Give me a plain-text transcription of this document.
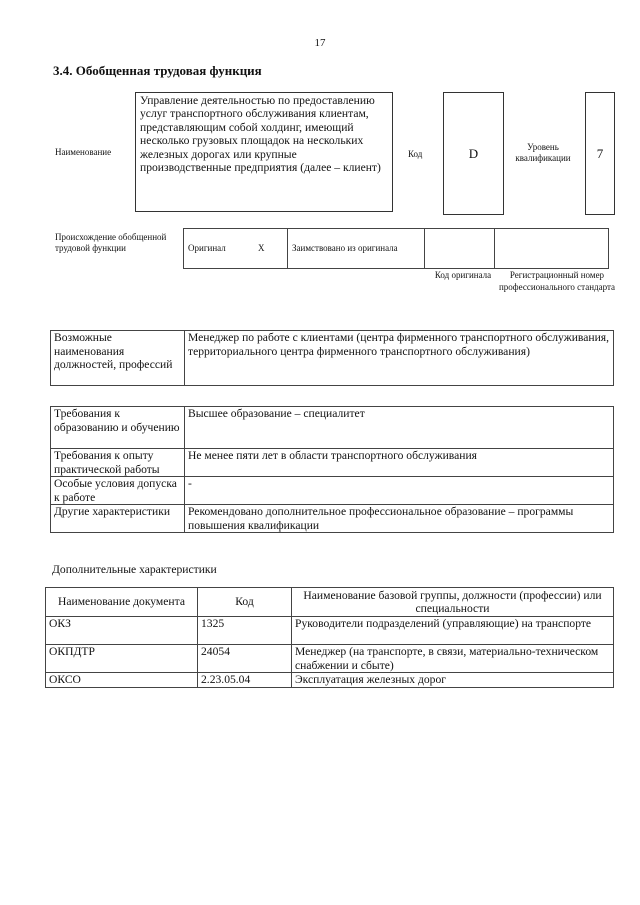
17
3.4. Обобщенная трудовая функция
Наименование
Управление деятельностью по предоставлению услуг транспортного обслуживания клиентам, представляющим собой холдинг, имеющий несколько грузовых площадок на нескольких железных дорогах или крупные производственные предприятия (далее – клиент)
Код	D	Уровень квалификации	7
Происхождение обобщенной трудовой функции	Оригинал	X	Заимствовано из оригинала		
Код оригинала	Регистрационный номер профессионального стандарта
Возможные наименования должностей, профессий	Менеджер по работе с клиентами (центра фирменного транспортного обслуживания, территориального центра фирменного транспортного обслуживания)
Требования к образованию и обучению	Высшее образование – специалитет
Требования к опыту практической работы	Не менее пяти лет в области транспортного обслуживания
Особые условия допуска к работе	-
Другие характеристики	Рекомендовано дополнительное профессиональное образование – программы повышения квалификации
Дополнительные характеристики
Наименование документа	Код	Наименование базовой группы, должности (профессии) или специальности
ОКЗ	1325	Руководители подразделений (управляющие) на транспорте
ОКПДТР	24054	Менеджер (на транспорте, в связи, материально-техническом снабжении и сбыте)
ОКСО	2.23.05.04	Эксплуатация железных дорог
